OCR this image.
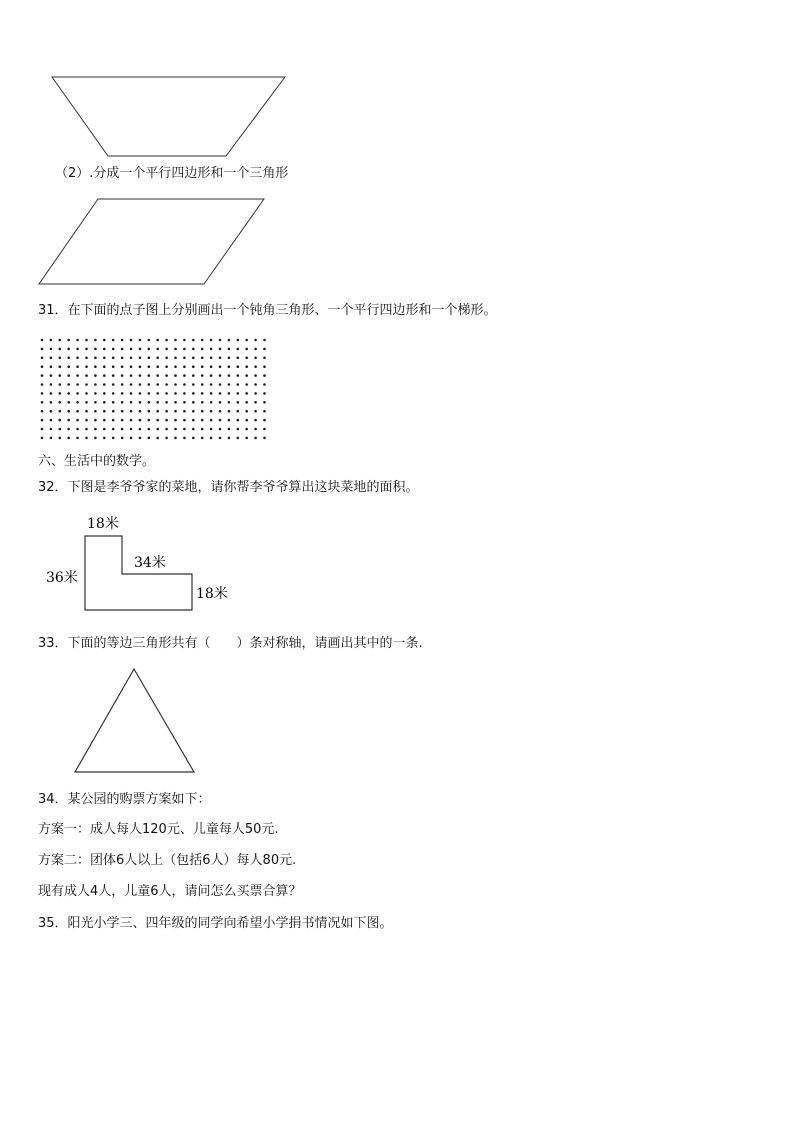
（2）.分成一个平行四边形和一个三角形
31．在下面的点子图上分别画出一个钝角三角形、一个平行四边形和一个梯形。
六、生活中的数学。
32．下图是李爷爷家的菜地，请你帮李爷爷算出这块菜地的面积。
18米
36米
34米
18米
33．下面的等边三角形共有（　　）条对称轴，请画出其中的一条.
34．某公园的购票方案如下：
方案一：成人每人120元、儿童每人50元.
方案二：团体6人以上（包括6人）每人80元.
现有成人4人，儿童6人，请问怎么买票合算？
35．阳光小学三、四年级的同学向希望小学捐书情况如下图。
